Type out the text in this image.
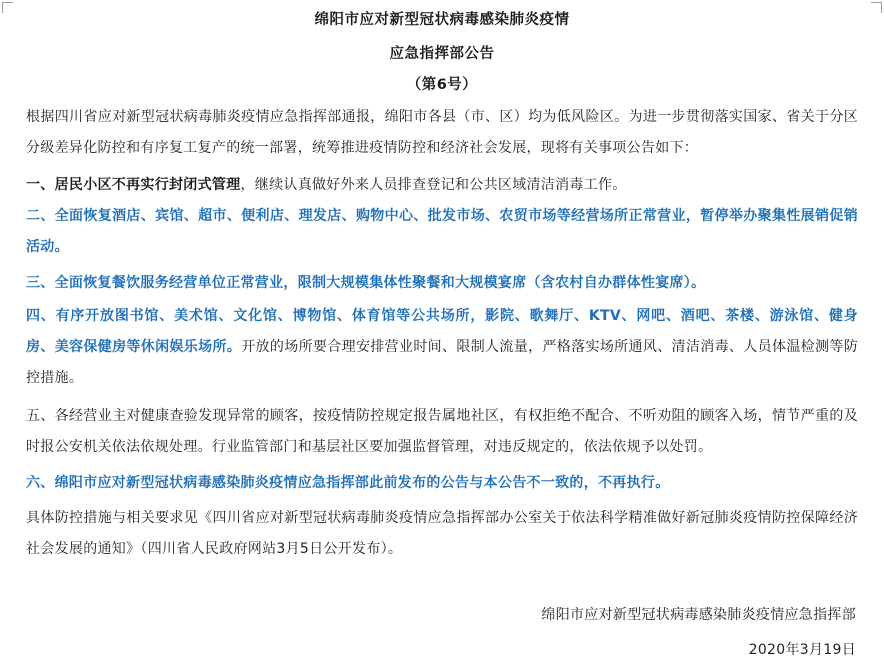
绵阳市应对新型冠状病毒感染肺炎疫情
应急指挥部公告
（第6号）
根据四川省应对新型冠状病毒肺炎疫情应急指挥部通报，绵阳市各县（市、区）均为低风险区。为进一步贯彻落实国家、省关于分区分级差异化防控和有序复工复产的统一部署，统筹推进疫情防控和经济社会发展，现将有关事项公告如下：
一、居民小区不再实行封闭式管理，继续认真做好外来人员排查登记和公共区域清洁消毒工作。
二、全面恢复酒店、宾馆、超市、便利店、理发店、购物中心、批发市场、农贸市场等经营场所正常营业，暂停举办聚集性展销促销活动。
三、全面恢复餐饮服务经营单位正常营业，限制大规模集体性聚餐和大规模宴席（含农村自办群体性宴席）。
四、有序开放图书馆、美术馆、文化馆、博物馆、体育馆等公共场所，影院、歌舞厅、KTV、网吧、酒吧、茶楼、游泳馆、健身房、美容保健房等休闲娱乐场所。开放的场所要合理安排营业时间、限制人流量，严格落实场所通风、清洁消毒、人员体温检测等防控措施。
五、各经营业主对健康查验发现异常的顾客，按疫情防控规定报告属地社区，有权拒绝不配合、不听劝阻的顾客入场，情节严重的及时报公安机关依法依规处理。行业监管部门和基层社区要加强监督管理，对违反规定的，依法依规予以处罚。
六、绵阳市应对新型冠状病毒感染肺炎疫情应急指挥部此前发布的公告与本公告不一致的，不再执行。
具体防控措施与相关要求见《四川省应对新型冠状病毒肺炎疫情应急指挥部办公室关于依法科学精准做好新冠肺炎疫情防控保障经济社会发展的通知》（四川省人民政府网站3月5日公开发布）。
绵阳市应对新型冠状病毒感染肺炎疫情应急指挥部
2020年3月19日
